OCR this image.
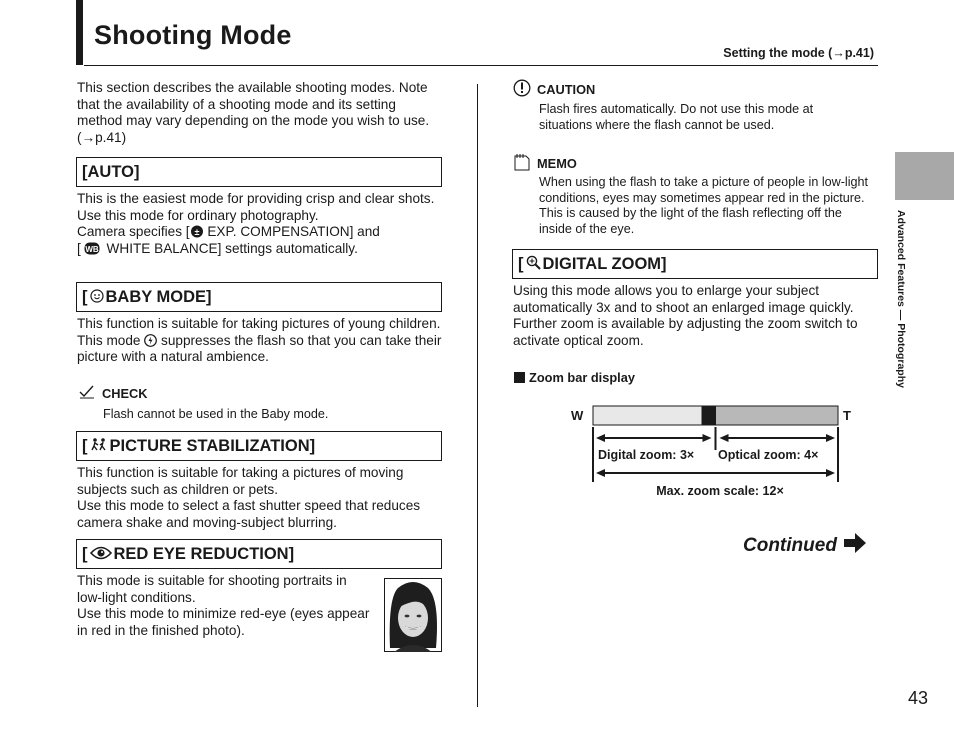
Shooting Mode
Setting the mode (→p.41)

This section describes the available shooting modes. Note that the availability of a shooting mode and its setting method may vary depending on the mode you wish to use. (→p.41)

[AUTO]

This is the easiest mode for providing crisp and clear shots.

Use this mode for ordinary photography.

Camera specifies [ ± EXP. COMPENSATION] and

[ WB WHITE BALANCE] settings automatically.

[ BABY MODE]

This function is suitable for taking pictures of young children. This mode  suppresses the flash so that you can take their picture with a natural ambience.

CHECK

Flash cannot be used in the Baby mode.

[ PICTURE STABILIZATION]

This function is suitable for taking a pictures of moving subjects such as children or pets.

Use this mode to select a fast shutter speed that reduces camera shake and moving-subject blurring.

[ RED EYE REDUCTION]

This mode is suitable for shooting portraits in low-light conditions.

Use this mode to minimize red-eye (eyes appear in red in the finished photo).

CAUTION

Flash fires automatically. Do not use this mode at situations where the flash cannot be used.

MEMO

When using the flash to take a picture of people in low-light conditions, eyes may sometimes appear red in the picture. This is caused by the light of the flash reflecting off the inside of the eye.

[ DIGITAL ZOOM]

Using this mode allows you to enlarge your subject automatically 3x and to shoot an enlarged image quickly. Further zoom is available by adjusting the zoom switch to activate optical zoom.

Zoom bar display
W	T
Digital zoom: 3× Optical zoom: 4×
Max. zoom scale: 12×
Continued
Advanced Features — Photography
43
